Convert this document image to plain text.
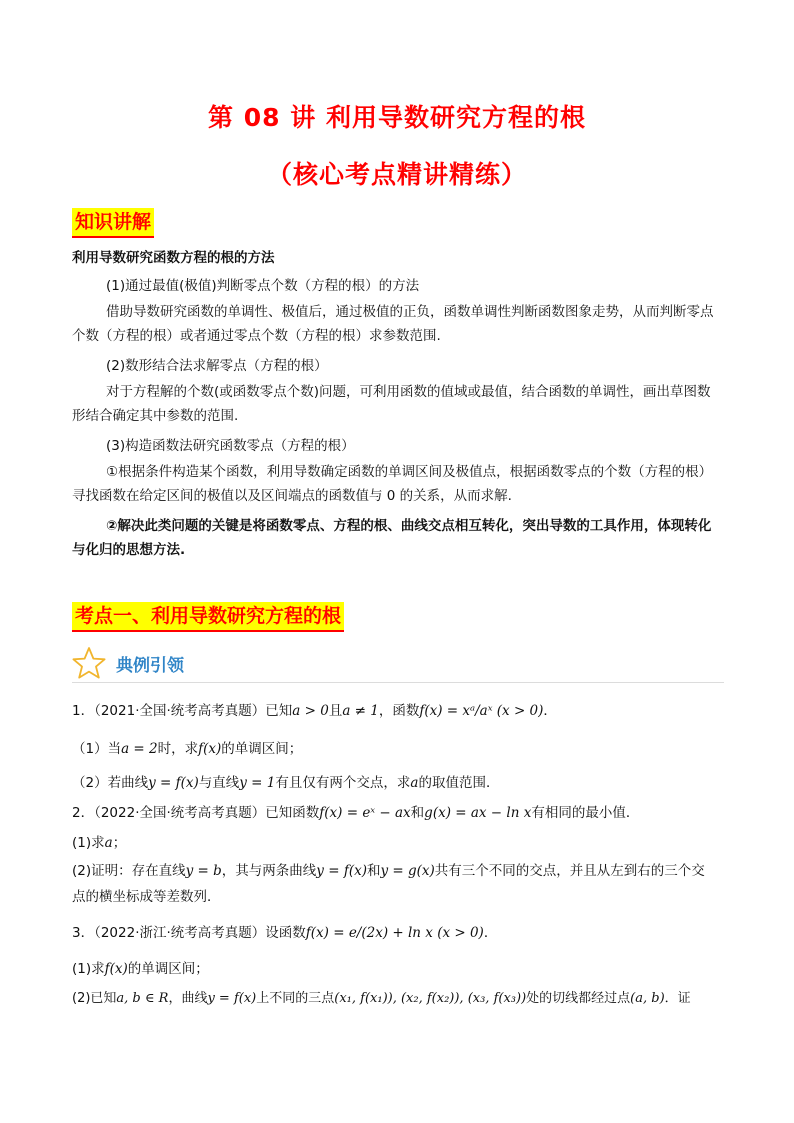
第 08 讲 利用导数研究方程的根
（核心考点精讲精练）
知识讲解
利用导数研究函数方程的根的方法
(1)通过最值(极值)判断零点个数（方程的根）的方法
借助导数研究函数的单调性、极值后，通过极值的正负，函数单调性判断函数图象走势，从而判断零点个数（方程的根）或者通过零点个数（方程的根）求参数范围.
(2)数形结合法求解零点（方程的根）
对于方程解的个数(或函数零点个数)问题，可利用函数的值域或最值，结合函数的单调性，画出草图数形结合确定其中参数的范围.
(3)构造函数法研究函数零点（方程的根）
①根据条件构造某个函数，利用导数确定函数的单调区间及极值点，根据函数零点的个数（方程的根）寻找函数在给定区间的极值以及区间端点的函数值与 0 的关系，从而求解.
②解决此类问题的关键是将函数零点、方程的根、曲线交点相互转化，突出导数的工具作用，体现转化与化归的思想方法.
考点一、利用导数研究方程的根
典例引领
1．（2021·全国·统考高考真题）已知a > 0且a ≠ 1，函数f(x) = xᵃ/aˣ (x > 0)．
（1）当a = 2时，求f(x)的单调区间；
（2）若曲线y = f(x)与直线y = 1有且仅有两个交点，求a的取值范围．
2．（2022·全国·统考高考真题）已知函数f(x) = eˣ − ax和g(x) = ax − ln x有相同的最小值．
(1)求a；
(2)证明：存在直线y = b，其与两条曲线y = f(x)和y = g(x)共有三个不同的交点，并且从左到右的三个交
点的横坐标成等差数列．
3．（2022·浙江·统考高考真题）设函数f(x) = e/(2x) + ln x (x > 0)．
(1)求f(x)的单调区间；
(2)已知a, b ∈ R，曲线y = f(x)上不同的三点(x₁, f(x₁)), (x₂, f(x₂)), (x₃, f(x₃))处的切线都经过点(a, b)．证
